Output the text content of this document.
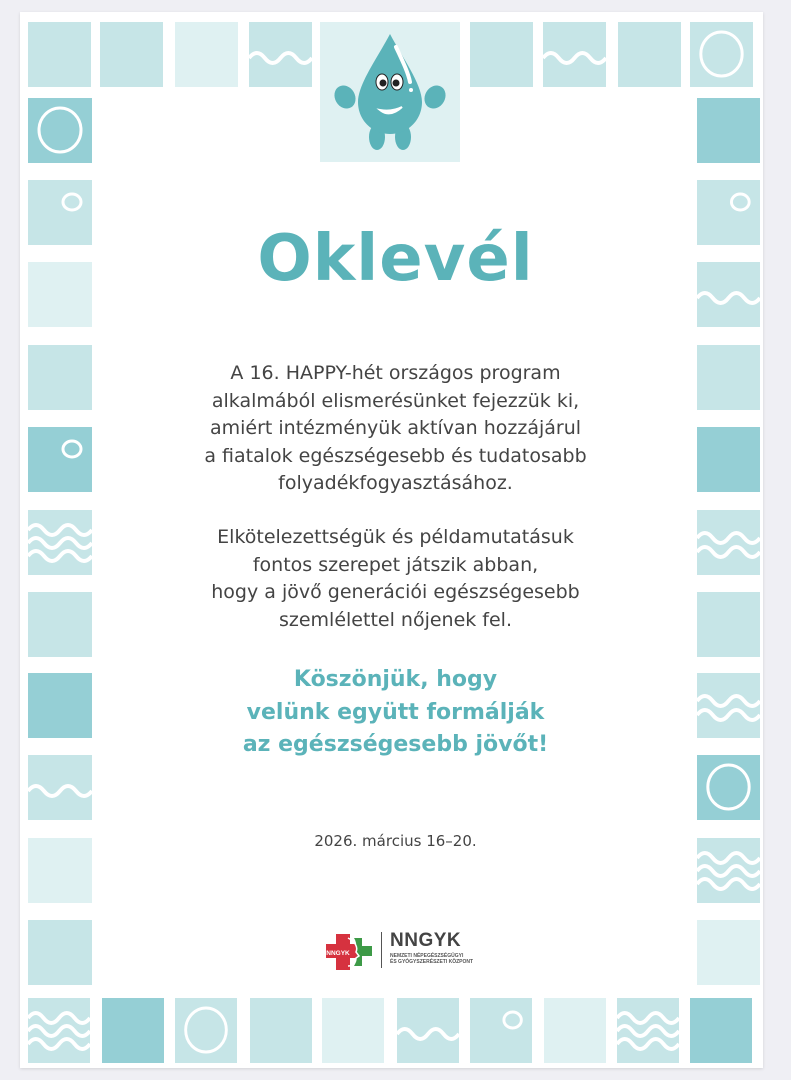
Oklevél
A 16. HAPPY-hét országos program
alkalmából elismerésünket fejezzük ki,
amiért intézményük aktívan hozzájárul
a fiatalok egészségesebb és tudatosabb
folyadékfogyasztásához.
Elkötelezettségük és példamutatásuk
fontos szerepet játszik abban,
hogy a jövő generációi egészségesebb
szemlélettel nőjenek fel.
Köszönjük, hogy
velünk együtt formálják
az egészségesebb jövőt!
2026. március 16–20.
NNGYK
NNGYK
NEMZETI NÉPEGÉSZSÉGÜGYI
ÉS GYÓGYSZERÉSZETI KÖZPONT
